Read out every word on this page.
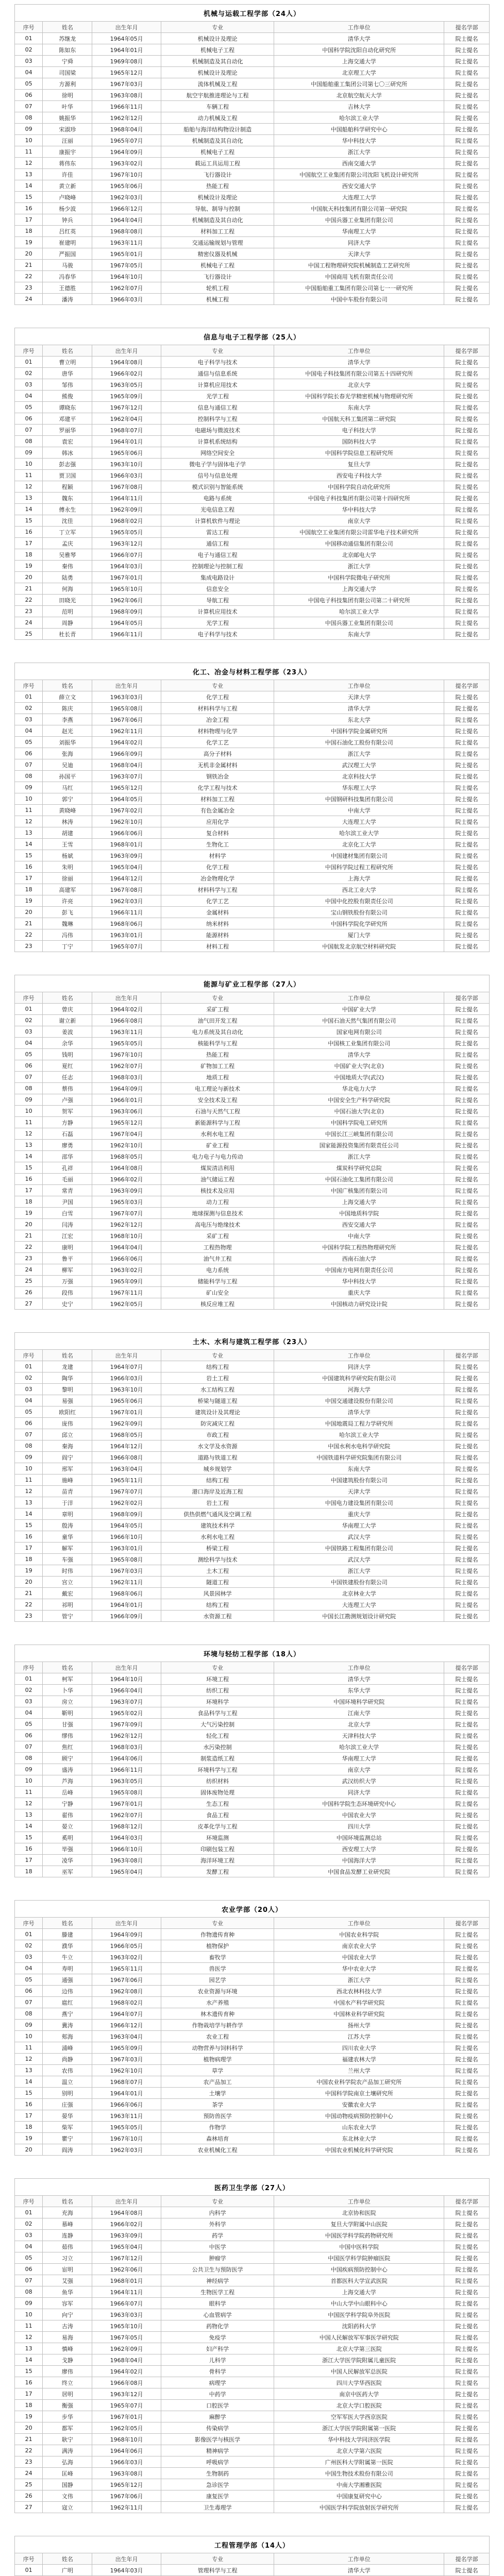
机械与运载工程学部（24人）					
序号	姓名	出生年月	专业	工作单位	提名学部
01	苏继龙	1964年05月	机械设计及理论	清华大学	院士提名
02	陈如东	1964年01月	机械电子工程	中国科学院沈阳自动化研究所	院士提名
03	宁舜	1969年08月	机械制造及其自动化	上海交通大学	院士提名
04	司国梁	1965年12月	机械设计及理论	北京理工大学	院士提名
05	方源利	1967年03月	流体机械及工程	中国船舶重工集团公司第七〇三研究所	院士提名
06	徐明	1963年08月	航空宇航推进理论与工程	北京航空航天大学	院士提名
07	叶华	1966年11月	车辆工程	吉林大学	院士提名
08	姚振华	1962年12月	动力机械及工程	哈尔滨工业大学	院士提名
09	宋淑珍	1968年04月	船舶与海洋结构物设计制造	中国船舶科学研究中心	院士提名
10	汪丽	1965年07月	机械制造及其自动化	华中科技大学	院士提名
11	康振宇	1964年09月	机械电子工程	浙江大学	院士提名
12	蒋伟东	1963年02月	载运工具运用工程	西南交通大学	院士提名
13	许佳	1967年10月	飞行器设计	中国航空工业集团有限公司沈阳飞机设计研究所	院士提名
14	黄立新	1965年06月	热能工程	西安交通大学	院士提名
15	卢晓峰	1962年03月	机械设计及理论	大连理工大学	院士提名
16	杨少波	1966年12月	导航、制导与控制	中国航天科技集团有限公司第一研究院	院士提名
17	钟兵	1964年04月	机械制造及其自动化	中国兵器工业集团有限公司	院士提名
18	吕红英	1968年08月	材料加工工程	华南理工大学	院士提名
19	崔建明	1963年11月	交通运输规划与管理	同济大学	院士提名
20	严振国	1965年01月	精密仪器及机械	天津大学	院士提名
21	马骏	1967年05月	机械电子工程	中国工程物理研究院机械制造工艺研究所	院士提名
22	冯春华	1964年10月	飞行器设计	中国商用飞机有限责任公司	院士提名
23	王德胜	1962年07月	轮机工程	中国船舶重工集团有限公司第七一一研究所	院士提名
24	潘涛	1966年03月	机械工程	中国中车股份有限公司	院士提名
信息与电子工程学部（25人）					
序号	姓名	出生年月	专业	工作单位	提名学部
01	曹立明	1964年08月	电子科学与技术	清华大学	院士提名
02	唐华	1966年02月	通信与信息系统	中国电子科技集团有限公司第五十四研究所	院士提名
03	邹伟	1963年05月	计算机应用技术	北京大学	院士提名
04	熊俊	1965年09月	光学工程	中国科学院长春光学精密机械与物理研究所	院士提名
05	谭晓东	1967年12月	信息与通信工程	东南大学	院士提名
06	邓建平	1962年04月	控制科学与工程	中国航天科工集团第二研究院	院士提名
07	罗丽华	1968年07月	电磁场与微波技术	电子科技大学	院士提名
08	袁宏	1964年01月	计算机系统结构	国防科技大学	院士提名
09	韩冰	1965年06月	网络空间安全	中国科学院信息工程研究所	院士提名
10	彭志强	1963年10月	微电子学与固体电子学	复旦大学	院士提名
11	贾卫国	1966年03月	信号与信息处理	西安电子科技大学	院士提名
12	程颖	1967年08月	模式识别与智能系统	中国科学院自动化研究所	院士提名
13	魏东	1964年11月	电路与系统	中国电子科技集团有限公司第十四研究所	院士提名
14	傅永生	1962年09月	光电信息工程	华中科技大学	院士提名
15	沈佳	1968年02月	计算机软件与理论	南京大学	院士提名
16	丁立军	1965年05月	雷达工程	中国航空工业集团有限公司雷华电子技术研究所	院士提名
17	孟庆	1963年12月	通信工程	中国移动通信集团有限公司	院士提名
18	吴雅琴	1966年07月	电子与通信工程	北京邮电大学	院士提名
19	秦伟	1964年03月	控制理论与控制工程	浙江大学	院士提名
20	陆勇	1967年01月	集成电路设计	中国科学院微电子研究所	院士提名
21	何海	1965年10月	信息安全	上海交通大学	院士提名
22	田晓光	1962年06月	导航工程	中国电子科技集团有限公司第二十研究所	院士提名
23	范明	1968年09月	计算机应用技术	哈尔滨工业大学	院士提名
24	周静	1964年05月	光学工程	中国兵器工业集团有限公司	院士提名
25	杜长青	1966年11月	电子科学与技术	东南大学	院士提名
化工、冶金与材料工程学部（23人）					
序号	姓名	出生年月	专业	工作单位	提名学部
01	薛立文	1963年03月	化学工程	天津大学	院士提名
02	陈庆	1965年08月	材料科学与工程	清华大学	院士提名
03	李燕	1967年06月	冶金工程	东北大学	院士提名
04	赵光	1962年11月	材料物理与化学	中国科学院金属研究所	院士提名
05	刘振华	1964年02月	化学工艺	中国石油化工股份有限公司	院士提名
06	张海	1966年09月	高分子材料	浙江大学	院士提名
07	吴迪	1968年04月	无机非金属材料	武汉理工大学	院士提名
08	孙国平	1963年07月	钢铁冶金	北京科技大学	院士提名
09	马红	1965年12月	化学工程与技术	华东理工大学	院士提名
10	郭宁	1964年05月	材料加工工程	中国钢研科技集团有限公司	院士提名
11	黄晓峰	1967年02月	有色金属冶金	中南大学	院士提名
12	林涛	1962年10月	应用化学	大连理工大学	院士提名
13	胡建	1966年06月	复合材料	哈尔滨工业大学	院士提名
14	王雪	1968年01月	生物化工	北京化工大学	院士提名
15	杨斌	1963年09月	材料学	中国建材集团有限公司	院士提名
16	朱明	1965年04月	化学工程	中国科学院过程工程研究所	院士提名
17	徐丽	1964年12月	冶金物理化学	上海大学	院士提名
18	高建军	1967年08月	材料科学与工程	西北工业大学	院士提名
19	许亮	1962年03月	化学工艺	中国中化控股有限责任公司	院士提名
20	彭飞	1966年11月	金属材料	宝山钢铁股份有限公司	院士提名
21	魏琳	1968年06月	纳米材料	中国科学院化学研究所	院士提名
22	冯伟	1963年01月	能源材料	厦门大学	院士提名
23	丁宁	1965年07月	材料工程	中国航发北京航空材料研究院	院士提名
能源与矿业工程学部（27人）					
序号	姓名	出生年月	专业	工作单位	提名学部
01	曾庆	1964年02月	采矿工程	中国矿业大学	院士提名
02	谢立新	1966年08月	油气田开发工程	中国石油天然气集团有限公司	院士提名
03	姜波	1963年11月	电力系统及其自动化	国家电网有限公司	院士提名
04	余华	1965年05月	核能科学与工程	中国核工业集团有限公司	院士提名
05	钱明	1967年10月	热能工程	清华大学	院士提名
06	夏红	1962年07月	矿物加工工程	中国矿业大学(北京)	院士提名
07	任志	1968年03月	地质工程	中国地质大学(武汉)	院士提名
08	蔡伟	1964年09月	电工理论与新技术	华北电力大学	院士提名
09	卢强	1966年01月	安全技术及工程	中国安全生产科学研究院	院士提名
10	贺军	1963年06月	石油与天然气工程	中国石油大学(北京)	院士提名
11	方静	1965年12月	新能源科学与工程	中国科学院电工研究所	院士提名
12	石磊	1967年04月	水利水电工程	中国长江三峡集团有限公司	院士提名
13	廖勇	1962年10月	矿业工程	国家能源投资集团有限责任公司	院士提名
14	邵华	1968年05月	电力电子与电力传动	浙江大学	院士提名
15	孔祥	1964年08月	煤炭清洁利用	煤炭科学研究总院	院士提名
16	毛丽	1966年02月	油气储运工程	中国石油化工集团有限公司	院士提名
17	常青	1963年09月	核技术及应用	中国广核集团有限公司	院士提名
18	尹国	1965年03月	动力工程	上海交通大学	院士提名
19	白雪	1967年07月	地球探测与信息技术	中国地质科学院	院士提名
20	闫涛	1962年12月	高电压与绝缘技术	西安交通大学	院士提名
21	江宏	1968年10月	采矿工程	中南大学	院士提名
22	康明	1964年04月	工程热物理	中国科学院工程热物理研究所	院士提名
23	鲁平	1966年06月	油气井工程	西南石油大学	院士提名
24	柳军	1963年02月	电力系统	中国南方电网有限责任公司	院士提名
25	万强	1965年09月	储能科学与工程	华中科技大学	院士提名
26	段伟	1967年11月	矿山安全	重庆大学	院士提名
27	史宁	1962年05月	核反应堆工程	中国核动力研究设计院	院士提名
土木、水利与建筑工程学部（23人）					
序号	姓名	出生年月	专业	工作单位	提名学部
01	龙建	1964年07月	结构工程	同济大学	院士提名
02	陶华	1966年03月	岩土工程	中国建筑科学研究院有限公司	院士提名
03	黎明	1963年10月	水工结构工程	河海大学	院士提名
04	易强	1965年06月	桥梁与隧道工程	中国交通建设股份有限公司	院士提名
05	欧阳红	1967年01月	建筑设计及其理论	清华大学	院士提名
06	庞伟	1962年09月	防灾减灾工程	中国地震局工程力学研究所	院士提名
07	邱立	1968年05月	市政工程	哈尔滨工业大学	院士提名
08	秦海	1964年12月	水文学及水资源	中国水利水电科学研究院	院士提名
09	阎宁	1966年08月	道路与铁道工程	中国铁道科学研究院集团有限公司	院士提名
10	邢军	1963年04月	城乡规划学	东南大学	院士提名
11	施峰	1965年11月	结构工程	中国建筑股份有限公司	院士提名
12	苗青	1967年07月	港口海岸及近海工程	天津大学	院士提名
13	于洋	1962年02月	岩土工程	中国电力建设集团有限公司	院士提名
14	章明	1968年09月	供热供燃气通风及空调工程	重庆大学	院士提名
15	殷涛	1964年05月	建筑技术科学	华南理工大学	院士提名
16	童华	1966年10月	水利水电工程	武汉大学	院士提名
17	解军	1963年01月	桥梁工程	中国铁路工程集团有限公司	院士提名
18	车强	1965年08月	测绘科学与技术	武汉大学	院士提名
19	时伟	1967年03月	土木工程	浙江大学	院士提名
20	宫立	1962年11月	隧道工程	中国铁建股份有限公司	院士提名
21	戴宏	1968年06月	风景园林学	北京林业大学	院士提名
22	祁明	1964年01月	结构工程	大连理工大学	院士提名
23	管宁	1966年09月	水资源工程	中国长江勘测规划设计研究院	院士提名
环境与轻纺工程学部（18人）					
序号	姓名	出生年月	专业	工作单位	提名学部
01	柯军	1964年10月	环境工程	清华大学	院士提名
02	卜华	1966年04月	纺织工程	东华大学	院士提名
03	房立	1963年07月	环境科学	中国环境科学研究院	院士提名
04	靳明	1965年02月	食品科学与工程	江南大学	院士提名
05	甘强	1967年09月	大气污染控制	北京大学	院士提名
06	缪伟	1962年12月	轻化工程	天津科技大学	院士提名
07	焦红	1968年03月	水污染控制	哈尔滨工业大学	院士提名
08	顾宁	1964年06月	制浆造纸工程	华南理工大学	院士提名
09	盛涛	1966年11月	环境科学与工程	南京大学	院士提名
10	芦海	1963年05月	纺织材料	武汉纺织大学	院士提名
11	岳峰	1965年08月	固体废物处理	同济大学	院士提名
12	宁静	1967年01月	生态工程	中国科学院生态环境研究中心	院士提名
13	翟伟	1962年07月	食品工程	中国农业大学	院士提名
14	晏立	1968年12月	皮革化学与工程	四川大学	院士提名
15	奚明	1964年03月	环境监测	中国环境监测总站	院士提名
16	毕强	1966年10月	印刷包装工程	西安理工大学	院士提名
17	凌华	1963年08月	海洋环境工程	中国海洋大学	院士提名
18	巫军	1965年04月	发酵工程	中国食品发酵工业研究院	院士提名
农业学部（20人）					
序号	姓名	出生年月	专业	工作单位	提名学部
01	滕建	1964年09月	作物遗传育种	中国农业科学院	院士提名
02	濮华	1966年05月	植物保护	南京农业大学	院士提名
03	牛立	1963年02月	畜牧学	中国农业大学	院士提名
04	寿明	1965年11月	兽医学	华中农业大学	院士提名
05	通强	1967年06月	园艺学	浙江大学	院士提名
06	边伟	1962年08月	农业资源与环境	西北农林科技大学	院士提名
07	扈红	1968年02月	水产养殖	中国水产科学研究院	院士提名
08	燕宁	1964年07月	林木遗传育种	中国林业科学研究院	院士提名
09	冀涛	1966年12月	作物栽培学与耕作学	扬州大学	院士提名
10	郏海	1963年04月	农业工程	江苏大学	院士提名
11	浦峰	1965年09月	动物营养与饲料科学	四川农业大学	院士提名
12	尚静	1967年03月	植物病理学	福建农林大学	院士提名
13	农伟	1962年10月	草学	兰州大学	院士提名
14	温立	1968年07月	农产品加工	中国农业科学院农产品加工研究所	院士提名
15	别明	1964年01月	土壤学	中国科学院南京土壤研究所	院士提名
16	庄强	1966年06月	茶学	安徽农业大学	院士提名
17	晏华	1963年11月	预防兽医学	中国动物疫病预防控制中心	院士提名
18	柴军	1965年05月	作物学	山东农业大学	院士提名
19	瞿宁	1967年10月	森林培育	东北林业大学	院士提名
20	阎涛	1962年03月	农业机械化工程	中国农业机械化科学研究院	院士提名
医药卫生学部（27人）					
序号	姓名	出生年月	专业	工作单位	提名学部
01	充海	1964年08月	内科学	北京协和医院	院士提名
02	慕峰	1966年02月	外科学	复旦大学附属中山医院	院士提名
03	连静	1963年09月	药学	中国医学科学院药物研究所	院士提名
04	茹伟	1965年04月	中医学	中国中医科学院	院士提名
05	习立	1967年12月	肿瘤学	中国医学科学院肿瘤医院	院士提名
06	宦明	1962年06月	公共卫生与预防医学	中国疾病预防控制中心	院士提名
07	艾强	1968年01月	神经病学	首都医科大学宣武医院	院士提名
08	鱼华	1964年11月	生物医学工程	上海交通大学	院士提名
09	容军	1966年07月	眼科学	中山大学中山眼科中心	院士提名
10	向宁	1963年03月	心血管病学	中国医学科学院阜外医院	院士提名
11	古涛	1965年10月	药物化学	沈阳药科大学	院士提名
12	易海	1967年05月	免疫学	中国人民解放军军事医学研究院	院士提名
13	慎峰	1962年09月	妇产科学	北京大学第三医院	院士提名
14	戈静	1968年04月	儿科学	浙江大学医学院附属儿童医院	院士提名
15	廖伟	1964年02月	骨科学	中国人民解放军总医院	院士提名
16	终立	1966年08月	病理学	四川大学华西医院	院士提名
17	居明	1963年12月	中药学	南京中医药大学	院士提名
18	衡强	1965年07月	口腔医学	北京大学口腔医院	院士提名
19	步华	1967年01月	麻醉学	空军军医大学西京医院	院士提名
20	都军	1962年05月	传染病学	浙江大学医学院附属第一医院	院士提名
21	耿宁	1968年10月	影像医学与核医学	华中科技大学同济医学院	院士提名
22	满涛	1964年06月	精神病学	北京大学第六医院	院士提名
23	弘海	1966年03月	呼吸病学	广州医科大学附属第一医院	院士提名
24	匡峰	1963年08月	生物制药	中国生物技术股份有限公司	院士提名
25	国静	1965年12月	急诊医学	中南大学湘雅医院	院士提名
26	文伟	1967年06月	康复医学	中国康复研究中心	院士提名
27	寇立	1962年11月	卫生毒理学	中国医学科学院放射医学研究所	院士提名
工程管理学部（14人）					
序号	姓名	出生年月	专业	工作单位	提名学部
01	广明	1964年03月	管理科学与工程	清华大学	院士提名
